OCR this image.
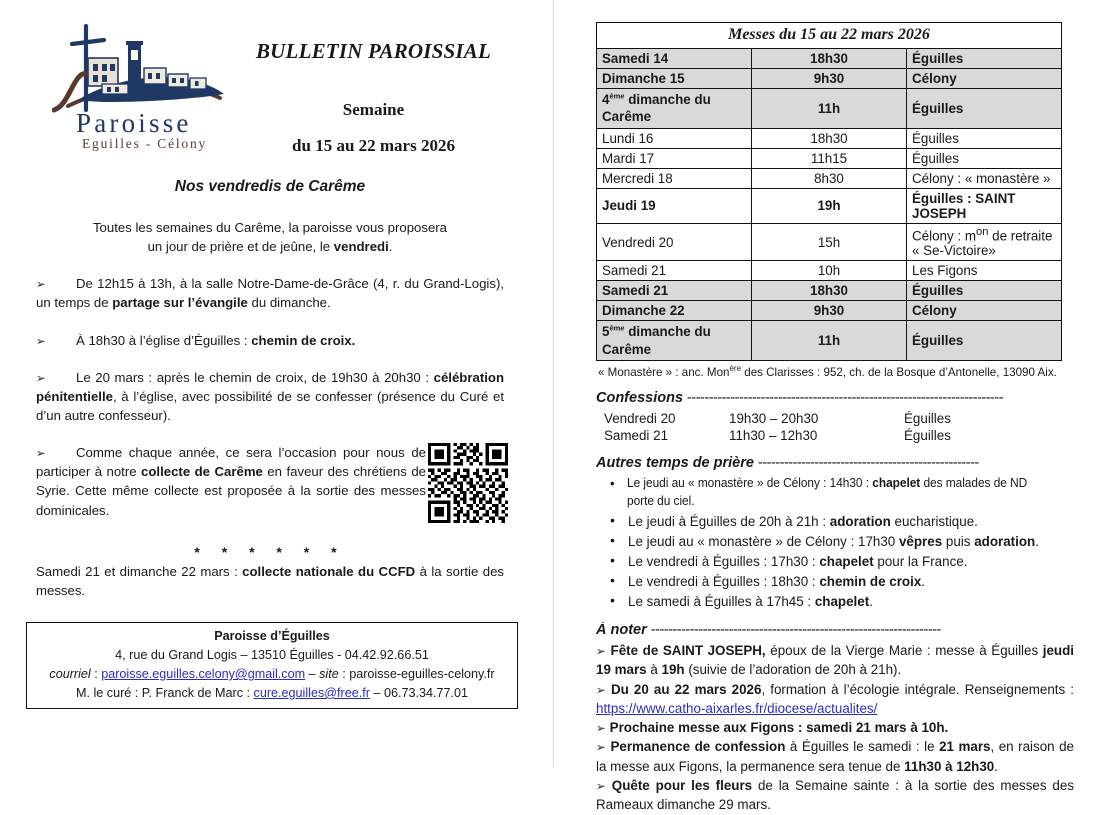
Paroisse
Eguilles - Célony
BULLETIN PAROISSIAL
Semaine
du 15 au 22 mars 2026
Nos vendredis de Carême
Toutes les semaines du Carême, la paroisse vous proposera
un jour de prière et de jeûne, le vendredi.

➢ De 12h15 à 13h, à la salle Notre-Dame-de-Grâce (4, r. du Grand-Logis), un temps de partage sur l’évangile du dimanche.

➢ À 18h30 à l’église d’Éguilles : chemin de croix.

➢ Le 20 mars : après le chemin de croix, de 19h30 à 20h30 : célébration pénitentielle, à l’église, avec possibilité de se confesser (présence du Curé et d’un autre confesseur).

➢ Comme chaque année, ce sera l’occasion pour nous de participer à notre collecte de Carême en faveur des chrétiens de Syrie. Cette même collecte est proposée à la sortie des messes dominicales.

* * * * * *

Samedi 21 et dimanche 22 mars : collecte nationale du CCFD à la sortie des messes.

Paroisse d’Éguilles
4, rue du Grand Logis – 13510 Éguilles - 04.42.92.66.51
courriel : paroisse.eguilles.celony@gmail.com – site : paroisse-eguilles-celony.fr
M. le curé : P. Franck de Marc : cure.eguilles@free.fr – 06.73.34.77.01
Messes du 15 au 22 mars 2026		
Samedi 14	18h30	Éguilles
Dimanche 15	9h30	Célony
4ème dimanche du Carême	11h	Éguilles
Lundi 16	18h30	Éguilles
Mardi 17	11h15	Éguilles
Mercredi 18	8h30	Célony : « monastère »
Jeudi 19	19h	Éguilles : SAINT JOSEPH
Vendredi 20	15h	Célony : $m^{on}$ de retraite « Se-Victoire»
Samedi 21	10h	Les Figons
Samedi 21	18h30	Éguilles
Dimanche 22	9h30	Célony
5ème dimanche du Carême	11h	Éguilles
« Monastère » : anc. Mon$^{ère}$ des Clarisses : 952, ch. de la Bosque d’Antonelle, 13090 Aix.
Confessions -------------------------------------------------------------------------
Vendredi 20	19h30 – 20h30	Éguilles
Samedi 21	11h30 – 12h30	Éguilles
Autres temps de prière ---------------------------------------------------
• Le jeudi au « monastère » de Célony : 14h30 : chapelet des malades de ND porte du ciel.
• Le jeudi à Éguilles de 20h à 21h : adoration eucharistique.
• Le jeudi au « monastère » de Célony : 17h30 vêpres puis adoration.
• Le vendredi à Éguilles : 17h30 : chapelet pour la France.
• Le vendredi à Éguilles : 18h30 : chemin de croix.
• Le samedi à Éguilles à 17h45 : chapelet.
À noter -------------------------------------------------------------------

➢ Fête de SAINT JOSEPH, époux de la Vierge Marie : messe à Éguilles jeudi 19 mars à 19h (suivie de l’adoration de 20h à 21h).

➢ Du 20 au 22 mars 2026, formation à l’écologie intégrale. Renseignements : https://www.catho-aixarles.fr/diocese/actualites/

➢ Prochaine messe aux Figons : samedi 21 mars à 10h.

➢ Permanence de confession à Éguilles le samedi : le 21 mars, en raison de la messe aux Figons, la permanence sera tenue de 11h30 à 12h30.

➢ Quête pour les fleurs de la Semaine sainte : à la sortie des messes des Rameaux dimanche 29 mars.
